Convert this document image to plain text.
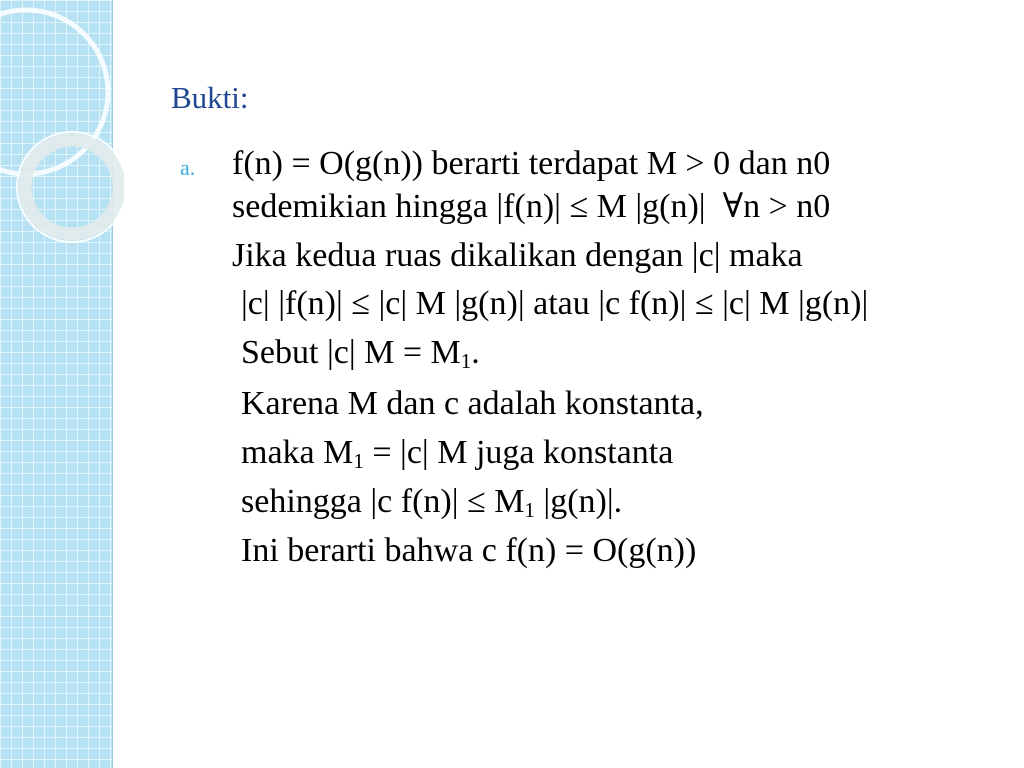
Bukti:
a. f(n) = O(g(n)) berarti terdapat M > 0 dan n0
sedemikian hingga |f(n)| ≤ M |g(n)|  ∀n > n0
Jika kedua ruas dikalikan dengan |c| maka
|c| |f(n)| ≤ |c| M |g(n)| atau |c f(n)| ≤ |c| M |g(n)|
Sebut |c| $M = M_1$.
Karena M dan c adalah konstanta,
maka $M_1 = |c|$ M juga konstanta
sehingga |c $f(n)| \le M_1$ |g(n)|.
Ini berarti bahwa c f(n) = O(g(n))
